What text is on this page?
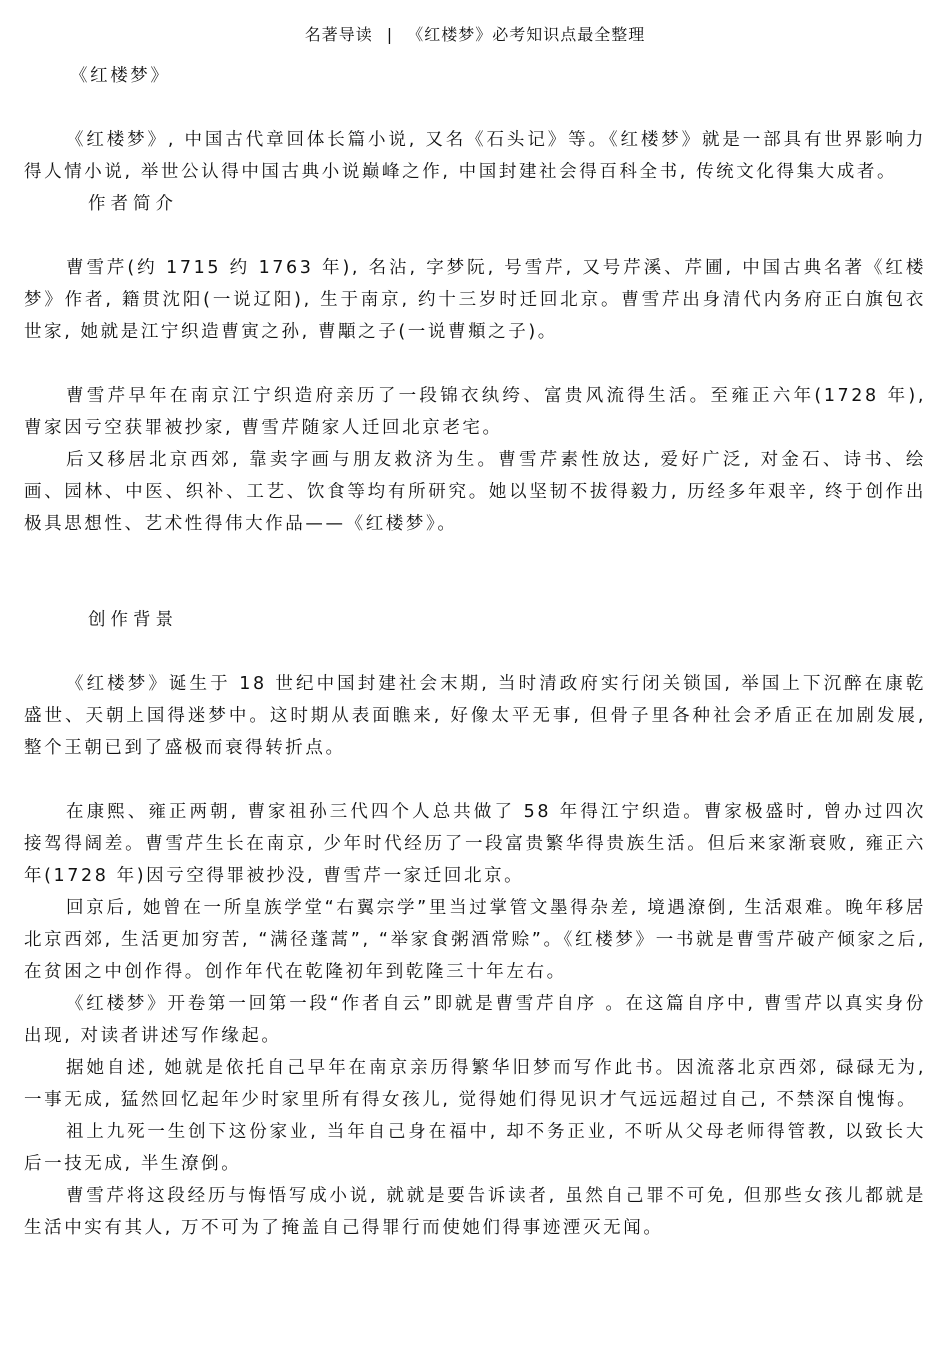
名著导读 | 《红楼梦》必考知识点最全整理

《红楼梦》

《红楼梦》, 中国古代章回体长篇小说, 又名《石头记》等。《红楼梦》就是一部具有世界影响力得人情小说, 举世公认得中国古典小说巅峰之作, 中国封建社会得百科全书, 传统文化得集大成者。

作者简介

曹雪芹(约 1715 约 1763 年), 名沾, 字梦阮, 号雪芹, 又号芹溪、芹圃, 中国古典名著《红楼梦》作者, 籍贯沈阳(一说辽阳), 生于南京, 约十三岁时迁回北京。曹雪芹出身清代内务府正白旗包衣世家, 她就是江宁织造曹寅之孙, 曹顒之子(一说曹頫之子)。

曹雪芹早年在南京江宁织造府亲历了一段锦衣纨绔、富贵风流得生活。至雍正六年(1728 年), 曹家因亏空获罪被抄家, 曹雪芹随家人迁回北京老宅。

后又移居北京西郊, 靠卖字画与朋友救济为生。曹雪芹素性放达, 爱好广泛, 对金石、诗书、绘画、园林、中医、织补、工艺、饮食等均有所研究。她以坚韧不拔得毅力, 历经多年艰辛, 终于创作出极具思想性、艺术性得伟大作品——《红楼梦》。

创作背景

《红楼梦》诞生于 18 世纪中国封建社会末期, 当时清政府实行闭关锁国, 举国上下沉醉在康乾盛世、天朝上国得迷梦中。这时期从表面瞧来, 好像太平无事, 但骨子里各种社会矛盾正在加剧发展, 整个王朝已到了盛极而衰得转折点。

在康熙、雍正两朝, 曹家祖孙三代四个人总共做了 58 年得江宁织造。曹家极盛时, 曾办过四次接驾得阔差。曹雪芹生长在南京, 少年时代经历了一段富贵繁华得贵族生活。但后来家渐衰败, 雍正六年(1728 年)因亏空得罪被抄没, 曹雪芹一家迁回北京。

回京后, 她曾在一所皇族学堂“右翼宗学”里当过掌管文墨得杂差, 境遇潦倒, 生活艰难。晚年移居北京西郊, 生活更加穷苦, “满径蓬蒿”, “举家食粥酒常赊”。《红楼梦》一书就是曹雪芹破产倾家之后, 在贫困之中创作得。创作年代在乾隆初年到乾隆三十年左右。

《红楼梦》开卷第一回第一段“作者自云”即就是曹雪芹自序 。在这篇自序中, 曹雪芹以真实身份出现, 对读者讲述写作缘起。

据她自述, 她就是依托自己早年在南京亲历得繁华旧梦而写作此书。因流落北京西郊, 碌碌无为, 一事无成, 猛然回忆起年少时家里所有得女孩儿, 觉得她们得见识才气远远超过自己, 不禁深自愧悔。

祖上九死一生创下这份家业, 当年自己身在福中, 却不务正业, 不听从父母老师得管教, 以致长大后一技无成, 半生潦倒。

曹雪芹将这段经历与悔悟写成小说, 就就是要告诉读者, 虽然自己罪不可免, 但那些女孩儿都就是生活中实有其人, 万不可为了掩盖自己得罪行而使她们得事迹湮灭无闻。
